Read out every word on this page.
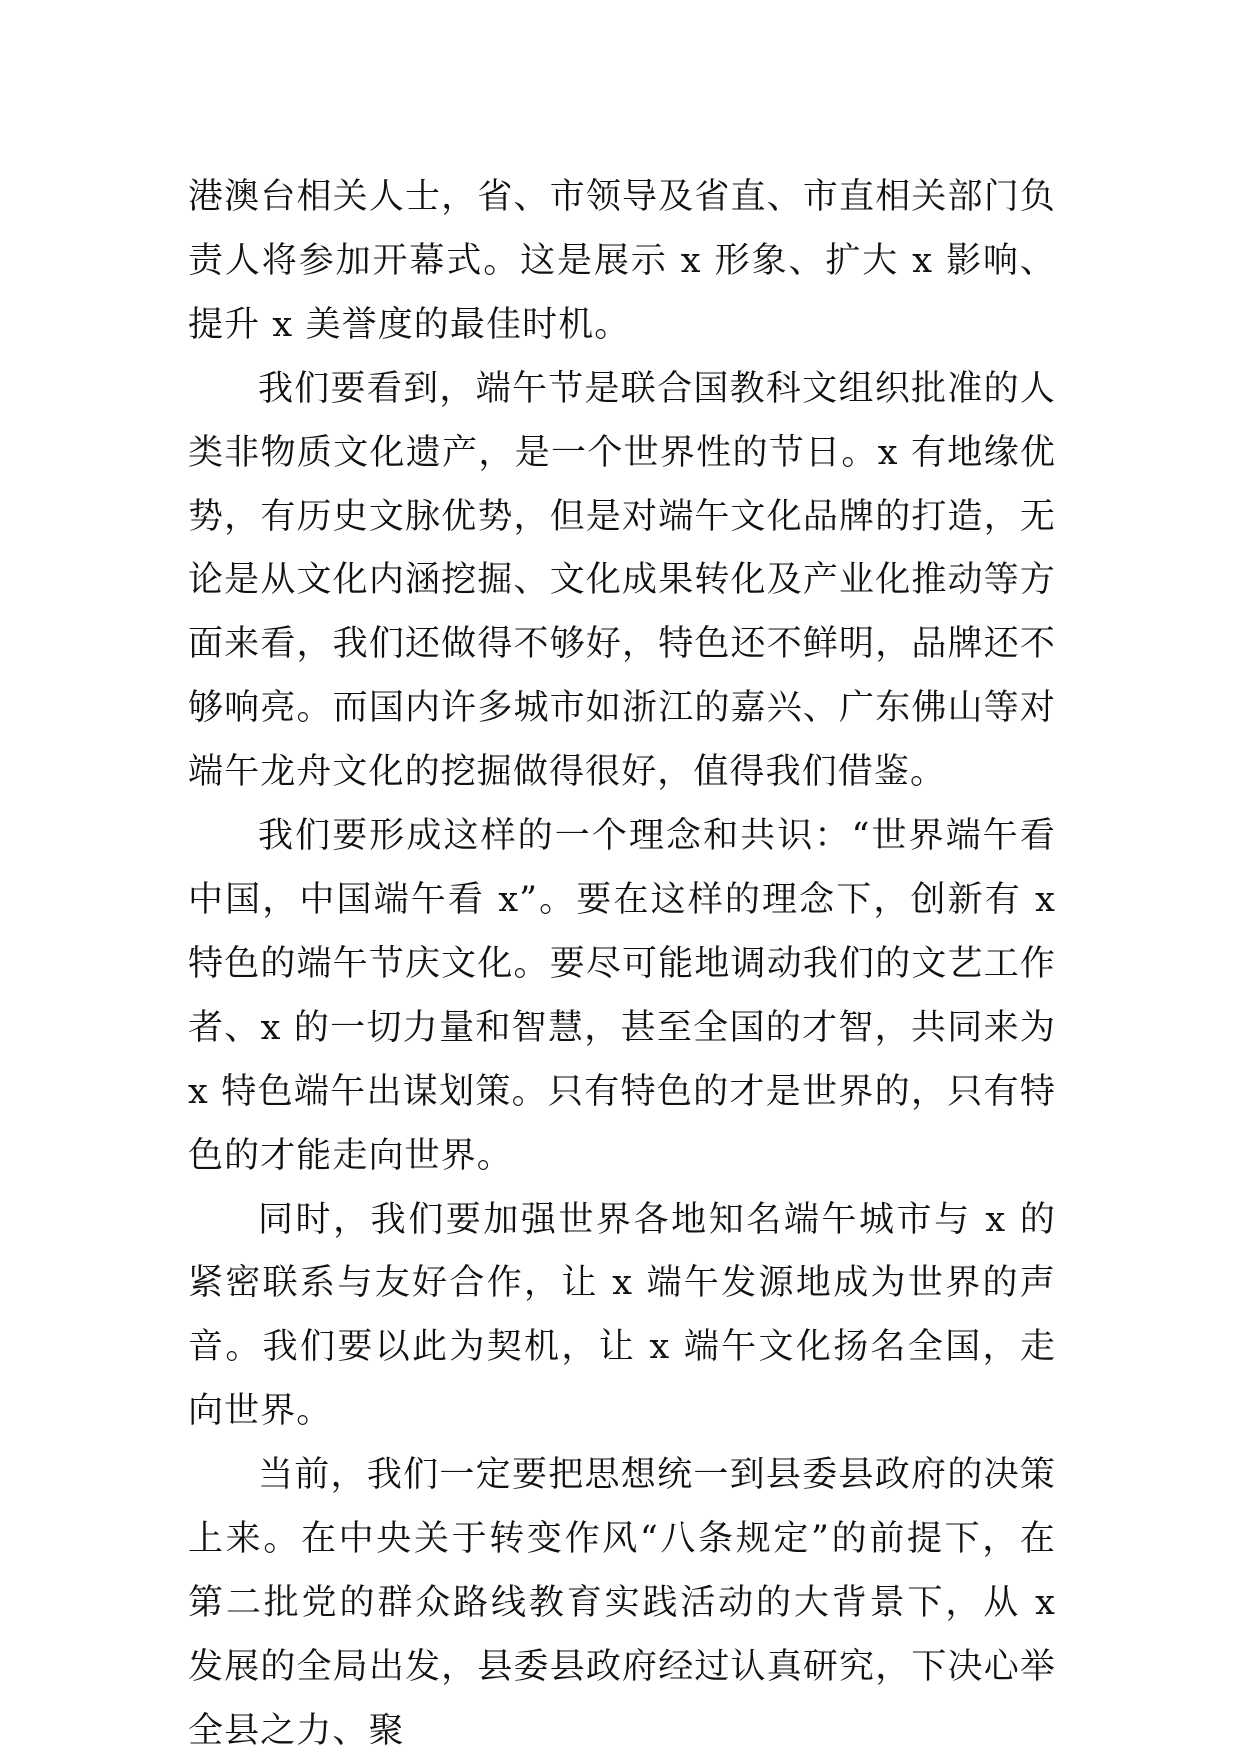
港澳台相关人士，省、市领导及省直、市直相关部门负责人将参加开幕式。这是展示 x 形象、扩大 x 影响、提升 x 美誉度的最佳时机。

我们要看到，端午节是联合国教科文组织批准的人类非物质文化遗产，是一个世界性的节日。x 有地缘优势，有历史文脉优势，但是对端午文化品牌的打造，无论是从文化内涵挖掘、文化成果转化及产业化推动等方面来看，我们还做得不够好，特色还不鲜明，品牌还不够响亮。而国内许多城市如浙江的嘉兴、广东佛山等对端午龙舟文化的挖掘做得很好，值得我们借鉴。

我们要形成这样的一个理念和共识：“世界端午看中国，中国端午看 x”。要在这样的理念下，创新有 x 特色的端午节庆文化。要尽可能地调动我们的文艺工作者、x 的一切力量和智慧，甚至全国的才智，共同来为 x 特色端午出谋划策。只有特色的才是世界的，只有特色的才能走向世界。

同时，我们要加强世界各地知名端午城市与 x 的紧密联系与友好合作，让 x 端午发源地成为世界的声音。我们要以此为契机，让 x 端午文化扬名全国，走向世界。

当前，我们一定要把思想统一到县委县政府的决策上来。在中央关于转变作风“八条规定”的前提下，在第二批党的群众路线教育实践活动的大背景下，从 x 发展的全局出发，县委县政府经过认真研究，下决心举全县之力、聚
